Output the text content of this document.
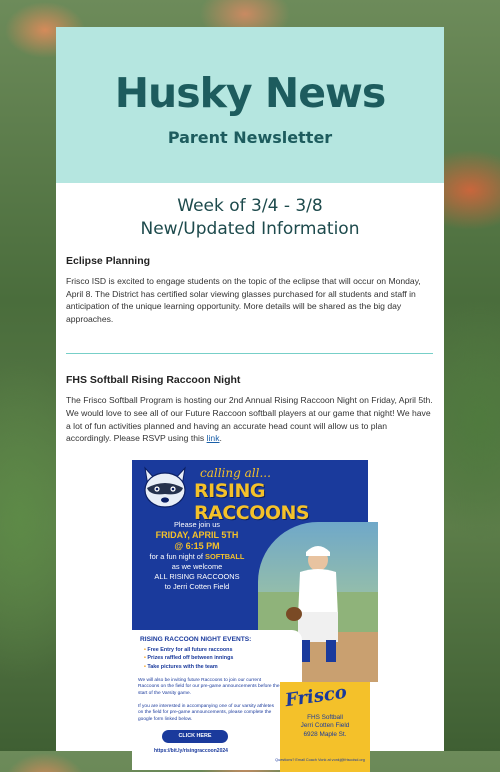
Husky News
Parent Newsletter
Week of 3/4 - 3/8
New/Updated Information
Eclipse Planning

Frisco ISD is excited to engage students on the topic of the eclipse that will occur on Monday, April 8. The District has certified solar viewing glasses purchased for all students and staff in anticipation of the unique learning opportunity. More details will be shared as the big day approaches.

FHS Softball Rising Raccoon Night

The Frisco Softball Program is hosting our 2nd Annual Rising Raccoon Night on Friday, April 5th. We would love to see all of our Future Raccoon softball players at our game that night! We have a lot of fun activities planned and having an accurate head count will allow us to plan accordingly. Please RSVP using this link.

calling all...
RISING RACCOONS
Please join us
FRIDAY, APRIL 5TH
@ 6:15 PM
for a fun night of SOFTBALL
as we welcome
ALL RISING RACCOONS
to Jerri Cotten Field
RISING RACCOON NIGHT EVENTS:
• Free Entry for all future raccoons
• Prizes raffled off between innings
• Take pictures with the team
We will also be inviting future Raccoons to join our current Raccoons on the field for our pre-game announcements before the start of the Varsity game.
If you are interested in accompanying one of our varsity athletes on the field for pre-game announcements, please complete the google form linked below.
CLICK HERE
https://bit.ly/risingraccoon2024
Frisco
FHS Softball
Jerri Cotten Field
6928 Maple St.
Questions? Email Coach Vonk at vonkj@friscoisd.org
